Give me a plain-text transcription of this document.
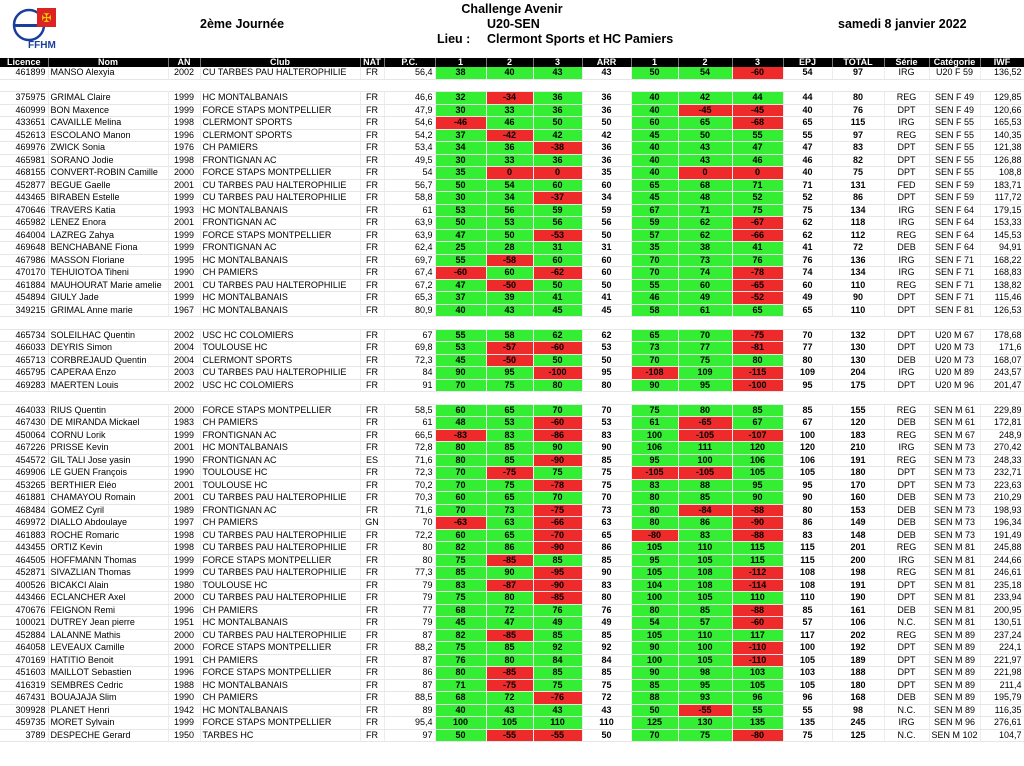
✠
FFHM
Challenge Avenir
2ème Journée	U20-SEN
Lieu : Clermont Sports et HC Pamiers
samedi 8 janvier 2022
Licence	Nom	AN	Club	NAT	P.C.	1	2	3	ARR	1	2	3	EPJ	TOTAL	Série	Catégorie	IWF
461899	MANSO Alexyia	2002	CU TARBES PAU HALTEROPHILIE	FR	56,4	38	40	43	43	50	54	-60	54	97	IRG	U20 F 59	136,52

375975	GRIMAL Claire	1999	HC MONTALBANAIS	FR	46,6	32	-34	36	36	40	42	44	44	80	REG	SEN F 49	129,85
460999	BON Maxence	1999	FORCE STAPS MONTPELLIER	FR	47,9	30	33	36	36	40	-45	-45	40	76	DPT	SEN F 49	120,66
433651	CAVAILLE Melina	1998	CLERMONT SPORTS	FR	54,6	-46	46	50	50	60	65	-68	65	115	IRG	SEN F 55	165,53
452613	ESCOLANO Manon	1996	CLERMONT SPORTS	FR	54,2	37	-42	42	42	45	50	55	55	97	REG	SEN F 55	140,35
469976	ZWICK Sonia	1976	CH PAMIERS	FR	53,4	34	36	-38	36	40	43	47	47	83	DPT	SEN F 55	121,38
465981	SORANO Jodie	1998	FRONTIGNAN AC	FR	49,5	30	33	36	36	40	43	46	46	82	DPT	SEN F 55	126,88
468155	CONVERT-ROBIN Camille	2000	FORCE STAPS MONTPELLIER	FR	54	35	0	0	35	40	0	0	40	75	DPT	SEN F 55	108,8
452877	BEGUE Gaelle	2001	CU TARBES PAU HALTEROPHILIE	FR	56,7	50	54	60	60	65	68	71	71	131	FED	SEN F 59	183,71
443465	BIRABEN Estelle	1999	CU TARBES PAU HALTEROPHILIE	FR	58,8	30	34	-37	34	45	48	52	52	86	DPT	SEN F 59	117,72
470646	TRAVERS Katia	1993	HC MONTALBANAIS	FR	61	53	56	59	59	67	71	75	75	134	IRG	SEN F 64	179,15
465982	LENEZ Enora	2001	FRONTIGNAN AC	FR	63,9	50	53	56	56	59	62	-67	62	118	IRG	SEN F 64	153,33
464004	LAZREG Zahya	1999	FORCE STAPS MONTPELLIER	FR	63,9	47	50	-53	50	57	62	-66	62	112	REG	SEN F 64	145,53
469648	BENCHABANE Fiona	1999	FRONTIGNAN AC	FR	62,4	25	28	31	31	35	38	41	41	72	DEB	SEN F 64	94,91
467986	MASSON Floriane	1995	HC MONTALBANAIS	FR	69,7	55	-58	60	60	70	73	76	76	136	IRG	SEN F 71	168,22
470170	TEHUIOTOA Tiheni	1990	CH PAMIERS	FR	67,4	-60	60	-62	60	70	74	-78	74	134	IRG	SEN F 71	168,83
461884	MAUHOURAT Marie amelie	2001	CU TARBES PAU HALTEROPHILIE	FR	67,2	47	-50	50	50	55	60	-65	60	110	REG	SEN F 71	138,82
454894	GIULY Jade	1999	HC MONTALBANAIS	FR	65,3	37	39	41	41	46	49	-52	49	90	DPT	SEN F 71	115,46
349215	GRIMAL Anne marie	1967	HC MONTALBANAIS	FR	80,9	40	43	45	45	58	61	65	65	110	DPT	SEN F 81	126,53

465734	SOLEILHAC Quentin	2002	USC HC COLOMIERS	FR	67	55	58	62	62	65	70	-75	70	132	DPT	U20 M 67	178,68
466033	DEYRIS Simon	2004	TOULOUSE HC	FR	69,8	53	-57	-60	53	73	77	-81	77	130	DPT	U20 M 73	171,6
465713	CORBREJAUD Quentin	2004	CLERMONT SPORTS	FR	72,3	45	-50	50	50	70	75	80	80	130	DEB	U20 M 73	168,07
465795	CAPERAA Enzo	2003	CU TARBES PAU HALTEROPHILIE	FR	84	90	95	-100	95	-108	109	-115	109	204	IRG	U20 M 89	243,57
469283	MAERTEN Louis	2002	USC HC COLOMIERS	FR	91	70	75	80	80	90	95	-100	95	175	DPT	U20 M 96	201,47

464033	RIUS Quentin	2000	FORCE STAPS MONTPELLIER	FR	58,5	60	65	70	70	75	80	85	85	155	REG	SEN M 61	229,89
467430	DE MIRANDA Mickael	1983	CH PAMIERS	FR	61	48	53	-60	53	61	-65	67	67	120	DEB	SEN M 61	172,81
450064	CORNU Lorik	1999	FRONTIGNAN AC	FR	66,5	-83	83	-86	83	100	-105	-107	100	183	REG	SEN M 67	248,9
467226	PRISSE Kevin	2001	HC MONTALBANAIS	FR	72,8	80	85	90	90	106	111	120	120	210	IRG	SEN M 73	270,42
454572	GIL TALI Jose yasin	1990	FRONTIGNAN AC	ES	71,6	80	85	-90	85	95	100	106	106	191	REG	SEN M 73	248,33
469906	LE GUEN François	1990	TOULOUSE HC	FR	72,3	70	-75	75	75	-105	-105	105	105	180	DPT	SEN M 73	232,71
453265	BERTHIER Eléo	2001	TOULOUSE HC	FR	70,2	70	75	-78	75	83	88	95	95	170	DPT	SEN M 73	223,63
461881	CHAMAYOU Romain	2001	CU TARBES PAU HALTEROPHILIE	FR	70,3	60	65	70	70	80	85	90	90	160	DEB	SEN M 73	210,29
468484	GOMEZ Cyril	1989	FRONTIGNAN AC	FR	71,6	70	73	-75	73	80	-84	-88	80	153	DEB	SEN M 73	198,93
469972	DIALLO Abdoulaye	1997	CH PAMIERS	GN	70	-63	63	-66	63	80	86	-90	86	149	DEB	SEN M 73	196,34
461883	ROCHE Romaric	1998	CU TARBES PAU HALTEROPHILIE	FR	72,2	60	65	-70	65	-80	83	-88	83	148	DEB	SEN M 73	191,49
443455	ORTIZ Kevin	1998	CU TARBES PAU HALTEROPHILIE	FR	80	82	86	-90	86	105	110	115	115	201	REG	SEN M 81	245,88
464505	HOFFMANN Thomas	1999	FORCE STAPS MONTPELLIER	FR	80	75	-85	85	85	95	105	115	115	200	IRG	SEN M 81	244,66
452871	SIVAZLIAN Thomas	1999	CU TARBES PAU HALTEROPHILIE	FR	77,3	85	90	-95	90	105	108	-112	108	198	REG	SEN M 81	246,61
400526	BICAKCI Alain	1980	TOULOUSE HC	FR	79	83	-87	-90	83	104	108	-114	108	191	DPT	SEN M 81	235,18
443466	ECLANCHER Axel	2000	CU TARBES PAU HALTEROPHILIE	FR	79	75	80	-85	80	100	105	110	110	190	DPT	SEN M 81	233,94
470676	FEIGNON Remi	1996	CH PAMIERS	FR	77	68	72	76	76	80	85	-88	85	161	DEB	SEN M 81	200,95
100021	DUTREY Jean pierre	1951	HC MONTALBANAIS	FR	79	45	47	49	49	54	57	-60	57	106	N.C.	SEN M 81	130,51
452884	LALANNE Mathis	2000	CU TARBES PAU HALTEROPHILIE	FR	87	82	-85	85	85	105	110	117	117	202	REG	SEN M 89	237,24
464058	LEVEAUX Camille	2000	FORCE STAPS MONTPELLIER	FR	88,2	75	85	92	92	90	100	-110	100	192	DPT	SEN M 89	224,1
470169	HATITIO Benoit	1991	CH PAMIERS	FR	87	76	80	84	84	100	105	-110	105	189	DPT	SEN M 89	221,97
451603	MAILLOT Sebastien	1996	FORCE STAPS MONTPELLIER	FR	86	80	-85	85	85	90	98	103	103	188	DPT	SEN M 89	221,98
416319	SEMBRES Cedric	1988	HC MONTALBANAIS	FR	87	71	-75	75	75	85	95	105	105	180	DPT	SEN M 89	211,4
467431	BOUAJAJA Slim	1990	CH PAMIERS	FR	88,5	68	72	-76	72	88	93	96	96	168	DEB	SEN M 89	195,79
309928	PLANET Henri	1942	HC MONTALBANAIS	FR	89	40	43	43	43	50	-55	55	55	98	N.C.	SEN M 89	116,35
459735	MORET Sylvain	1999	FORCE STAPS MONTPELLIER	FR	95,4	100	105	110	110	125	130	135	135	245	IRG	SEN M 96	276,61
3789	DESPECHE Gerard	1950	TARBES HC	FR	97	50	-55	-55	50	70	75	-80	75	125	N.C.	SEN M 102	104,7
